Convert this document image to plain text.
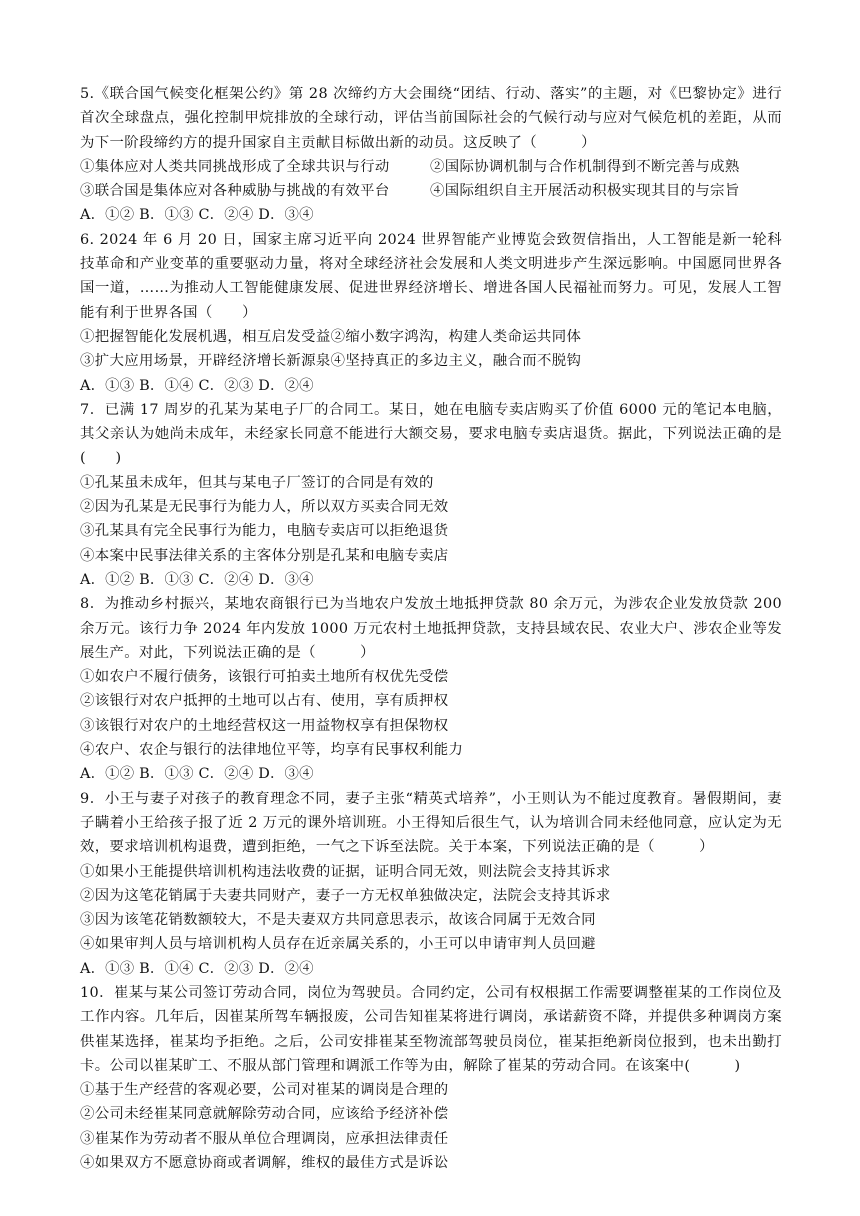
5.《联合国气候变化框架公约》第 28 次缔约方大会围绕“团结、行动、落实”的主题，对《巴黎协定》进行首次全球盘点，强化控制甲烷排放的全球行动，评估当前国际社会的气候行动与应对气候危机的差距，从而为下一阶段缔约方的提升国家自主贡献目标做出新的动员。这反映了（　　　）

①集体应对人类共同挑战形成了全球共识与行动	②国际协调机制与合作机制得到不断完善与成熟

③联合国是集体应对各种威胁与挑战的有效平台	④国际组织自主开展活动积极实现其目的与宗旨

A．①② B．①③ C．②④ D．③④

6. 2024 年 6 月 20 日，国家主席习近平向 2024 世界智能产业博览会致贺信指出，人工智能是新一轮科技革命和产业变革的重要驱动力量，将对全球经济社会发展和人类文明进步产生深远影响。中国愿同世界各国一道，……为推动人工智能健康发展、促进世界经济增长、增进各国人民福祉而努力。可见，发展人工智能有利于世界各国（　　）

①把握智能化发展机遇，相互启发受益②缩小数字鸿沟，构建人类命运共同体

③扩大应用场景，开辟经济增长新源泉④坚持真正的多边主义，融合而不脱钩

A．①③ B．①④ C．②③ D．②④

7．已满 17 周岁的孔某为某电子厂的合同工。某日，她在电脑专卖店购买了价值 6000 元的笔记本电脑，其父亲认为她尚未成年，未经家长同意不能进行大额交易，要求电脑专卖店退货。据此，下列说法正确的是(　　)

①孔某虽未成年，但其与某电子厂签订的合同是有效的

②因为孔某是无民事行为能力人，所以双方买卖合同无效

③孔某具有完全民事行为能力，电脑专卖店可以拒绝退货

④本案中民事法律关系的主客体分别是孔某和电脑专卖店

A．①② B．①③ C．②④ D．③④

8．为推动乡村振兴，某地农商银行已为当地农户发放土地抵押贷款 80 余万元，为涉农企业发放贷款 200 余万元。该行力争 2024 年内发放 1000 万元农村土地抵押贷款，支持县域农民、农业大户、涉农企业等发展生产。对此，下列说法正确的是（　　　）

①如农户不履行债务，该银行可拍卖土地所有权优先受偿

②该银行对农户抵押的土地可以占有、使用，享有质押权

③该银行对农户的土地经营权这一用益物权享有担保物权

④农户、农企与银行的法律地位平等，均享有民事权利能力

A．①② B．①③ C．②④ D．③④

9．小王与妻子对孩子的教育理念不同，妻子主张“精英式培养”，小王则认为不能过度教育。暑假期间，妻子瞒着小王给孩子报了近 2 万元的课外培训班。小王得知后很生气，认为培训合同未经他同意，应认定为无效，要求培训机构退费，遭到拒绝，一气之下诉至法院。关于本案，下列说法正确的是（　　　）

①如果小王能提供培训机构违法收费的证据，证明合同无效，则法院会支持其诉求

②因为这笔花销属于夫妻共同财产，妻子一方无权单独做决定，法院会支持其诉求

③因为该笔花销数额较大，不是夫妻双方共同意思表示，故该合同属于无效合同

④如果审判人员与培训机构人员存在近亲属关系的，小王可以申请审判人员回避

A．①③ B．①④ C．②③ D．②④

10．崔某与某公司签订劳动合同，岗位为驾驶员。合同约定，公司有权根据工作需要调整崔某的工作岗位及工作内容。几年后，因崔某所驾车辆报废，公司告知崔某将进行调岗，承诺薪资不降，并提供多种调岗方案供崔某选择，崔某均予拒绝。之后，公司安排崔某至物流部驾驶员岗位，崔某拒绝新岗位报到，也未出勤打卡。公司以崔某旷工、不服从部门管理和调派工作等为由，解除了崔某的劳动合同。在该案中(　　　)

①基于生产经营的客观必要，公司对崔某的调岗是合理的

②公司未经崔某同意就解除劳动合同，应该给予经济补偿

③崔某作为劳动者不服从单位合理调岗，应承担法律责任

④如果双方不愿意协商或者调解，维权的最佳方式是诉讼
